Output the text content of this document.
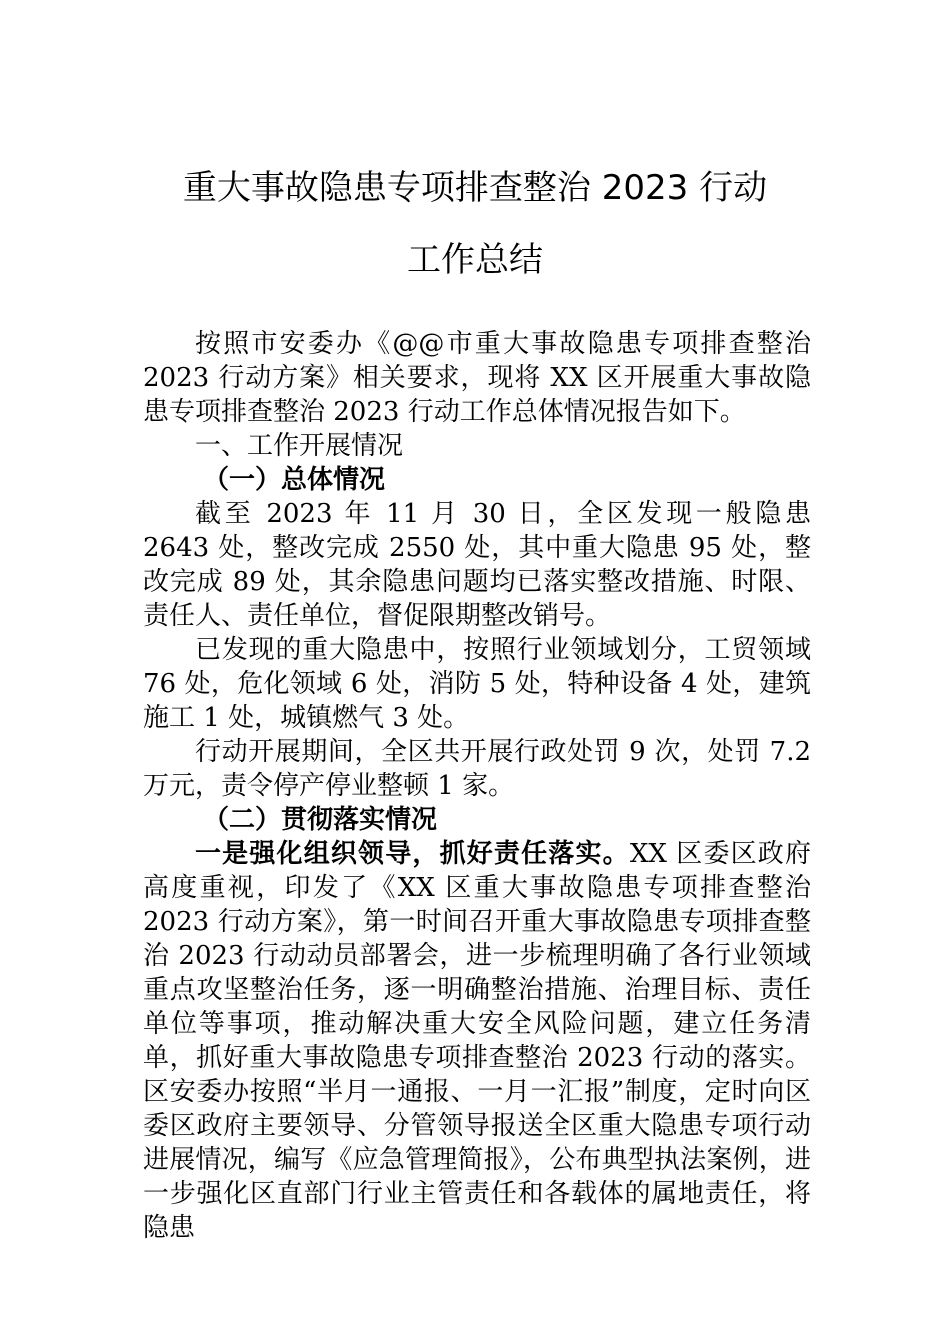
重大事故隐患专项排查整治 2023 行动
工作总结

按照市安委办《@@市重大事故隐患专项排查整治 2023 行动方案》相关要求，现将 XX 区开展重大事故隐患专项排查整治 2023 行动工作总体情况报告如下。

一、工作开展情况

（一）总体情况

截至 2023 年 11 月 30 日，全区发现一般隐患 2643 处，整改完成 2550 处，其中重大隐患 95 处，整改完成 89 处，其余隐患问题均已落实整改措施、时限、责任人、责任单位，督促限期整改销号。

已发现的重大隐患中，按照行业领域划分，工贸领域 76 处，危化领域 6 处，消防 5 处，特种设备 4 处，建筑施工 1 处，城镇燃气 3 处。

行动开展期间，全区共开展行政处罚 9 次，处罚 7.2 万元，责令停产停业整顿 1 家。

（二）贯彻落实情况

一是强化组织领导，抓好责任落实。XX 区委区政府高度重视，印发了《XX 区重大事故隐患专项排查整治 2023 行动方案》，第一时间召开重大事故隐患专项排查整治 2023 行动动员部署会，进一步梳理明确了各行业领域重点攻坚整治任务，逐一明确整治措施、治理目标、责任单位等事项，推动解决重大安全风险问题，建立任务清单，抓好重大事故隐患专项排查整治 2023 行动的落实。区安委办按照“半月一通报、一月一汇报”制度，定时向区委区政府主要领导、分管领导报送全区重大隐患专项行动进展情况，编写《应急管理简报》，公布典型执法案例，进一步强化区直部门行业主管责任和各载体的属地责任，将隐患
